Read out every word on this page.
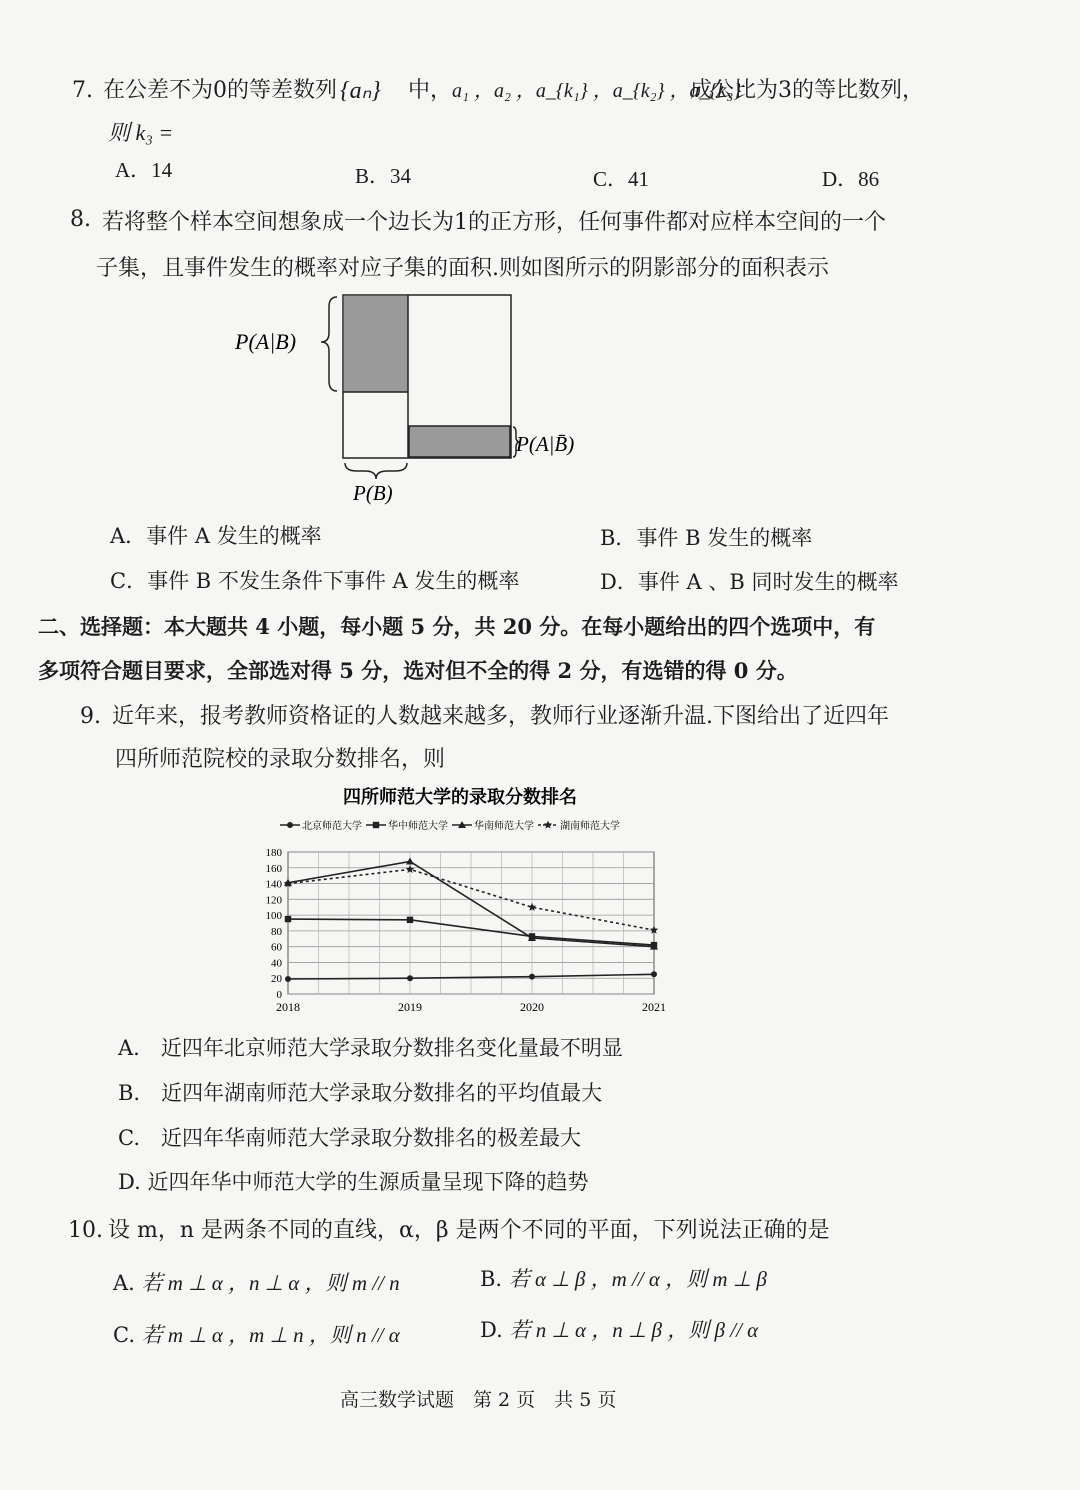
7. 在公差不为0的等差数列 {aₙ} 中， a₁ ，a₂ ，a_{k₁} ，a_{k₂} ，a_{k₃}
成公比为3的等比数列，
则 k₃ =
A．14	B．34	C．41	D．86
8. 若将整个样本空间想象成一个边长为1的正方形，任何事件都对应样本空间的一个
子集，且事件发生的概率对应子集的面积.则如图所示的阴影部分的面积表示
P(A|B)
P(A|B̄)
P(B)
A．事件 A 发生的概率	B．事件 B 发生的概率
C．事件 B 不发生条件下事件 A 发生的概率	D．事件 A 、B 同时发生的概率
二、选择题：本大题共 4 小题，每小题 5 分，共 20 分。在每小题给出的四个选项中，有
多项符合题目要求，全部选对得 5 分，选对但不全的得 2 分，有选错的得 0 分。
9. 近年来，报考教师资格证的人数越来越多，教师行业逐渐升温.下图给出了近四年
四所师范院校的录取分数排名，则
四所师范大学的录取分数排名
北京师范大学	华中师范大学	华南师范大学	湖南师范大学
0
20
40
60
80
100
120
140
160
180
2018	2019	2020	2021
A.　 近四年北京师范大学录取分数排名变化量最不明显
B.　 近四年湖南师范大学录取分数排名的平均值最大
C.　 近四年华南师范大学录取分数排名的极差最大
D. 近四年华中师范大学的生源质量呈现下降的趋势
10. 设 m，n 是两条不同的直线，α，β 是两个不同的平面，下列说法正确的是
A. 若 m ⊥ α ，n ⊥ α ，则 m // n	B. 若 α ⊥ β ，m // α ，则 m ⊥ β
C. 若 m ⊥ α ，m ⊥ n ，则 n // α	D. 若 n ⊥ α ，n ⊥ β ，则 β // α
高三数学试题　第 2 页　共 5 页
